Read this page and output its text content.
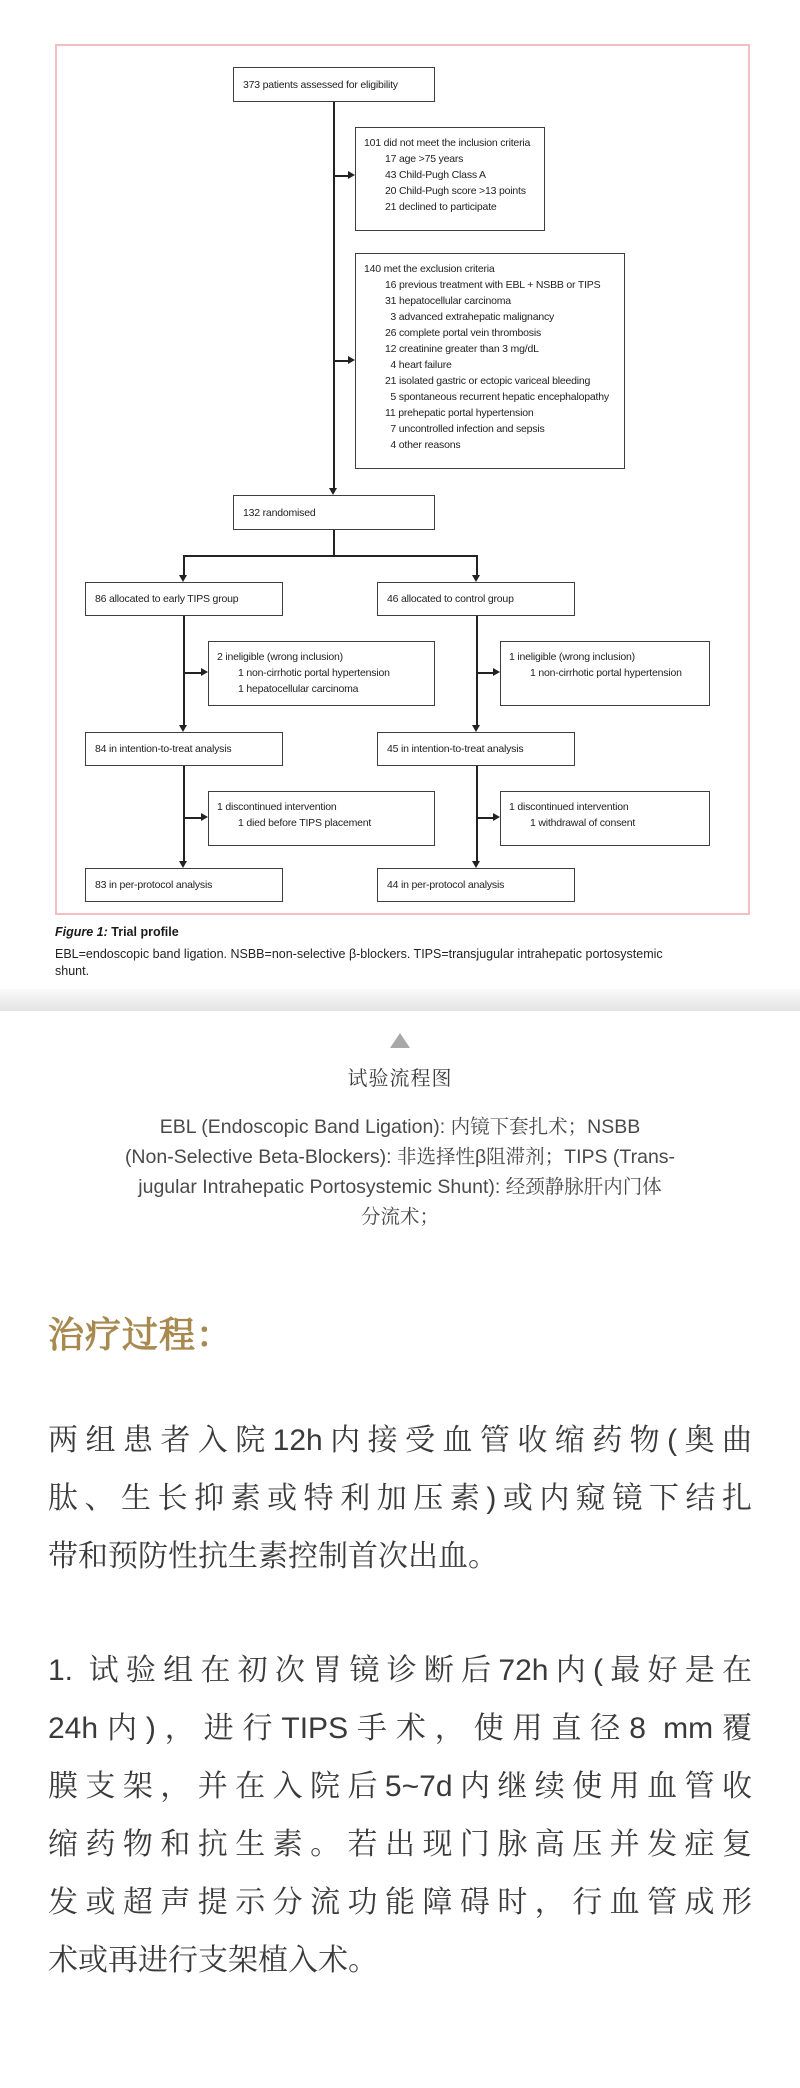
373 patients assessed for eligibility
101 did not meet the inclusion criteria
17 age >75 years
43 Child-Pugh Class A
20 Child-Pugh score >13 points
21 declined to participate
140 met the exclusion criteria
16 previous treatment with EBL + NSBB or TIPS
31 hepatocellular carcinoma
3 advanced extrahepatic malignancy
26 complete portal vein thrombosis
12 creatinine greater than 3 mg/dL
4 heart failure
21 isolated gastric or ectopic variceal bleeding
5 spontaneous recurrent hepatic encephalopathy
11 prehepatic portal hypertension
7 uncontrolled infection and sepsis
4 other reasons
132 randomised
86 allocated to early TIPS group	46 allocated to control group
2 ineligible (wrong inclusion)
1 non-cirrhotic portal hypertension
1 hepatocellular carcinoma
1 ineligible (wrong inclusion)
1 non-cirrhotic portal hypertension
84 in intention-to-treat analysis	45 in intention-to-treat analysis
1 discontinued intervention
1 died before TIPS placement
1 discontinued intervention
1 withdrawal of consent
83 in per-protocol analysis	44 in per-protocol analysis
Figure 1: Trial profile
EBL=endoscopic band ligation. NSBB=non-selective β-blockers. TIPS=transjugular intrahepatic portosystemic
shunt.
试验流程图
EBL (Endoscopic Band Ligation): 内镜下套扎术；NSBB
(Non-Selective Beta-Blockers): 非选择性β阻滞剂；TIPS (Trans-
jugular Intrahepatic Portosystemic Shunt): 经颈静脉肝内门体
分流术；
治疗过程：
两组患者入院12h内接受血管收缩药物(奥曲
肽、生长抑素或特利加压素)或内窥镜下结扎
带和预防性抗生素控制首次出血。
1. 试验组在初次胃镜诊断后72h内(最好是在
24h内)，进行TIPS手术，使用直径8 mm覆
膜支架，并在入院后5~7d内继续使用血管收
缩药物和抗生素。若出现门脉高压并发症复
发或超声提示分流功能障碍时，行血管成形
术或再进行支架植入术。
